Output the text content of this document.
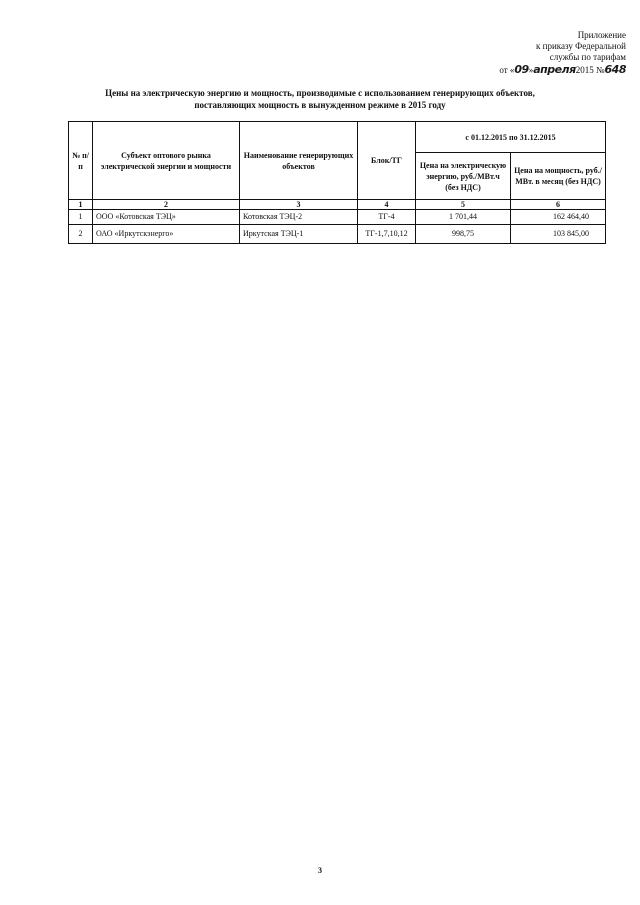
Приложение
к приказу Федеральной
службы по тарифам
от «09»апреля2015 №648
Цены на электрическую энергию и мощность, производимые с использованием генерирующих объектов,
поставляющих мощность в вынужденном режиме в 2015 году
№ п/п	Субъект оптового рынка электрической энергии и мощности	Наименование генерирующих объектов	Блок/ТГ	с 01.12.2015 по 31.12.2015	
				Цена на электрическую энергию, руб./МВт.ч (без НДС)	Цена на мощность, руб./МВт. в месяц (без НДС)
1	2	3	4	5	6
1	ООО «Котовская ТЭЦ»	Котовская ТЭЦ-2	ТГ-4	1 701,44	162 464,40
2	ОАО «Иркутскэнерго»	Иркутская ТЭЦ-1	ТГ-1,7,10,12	998,75	103 845,00
3
